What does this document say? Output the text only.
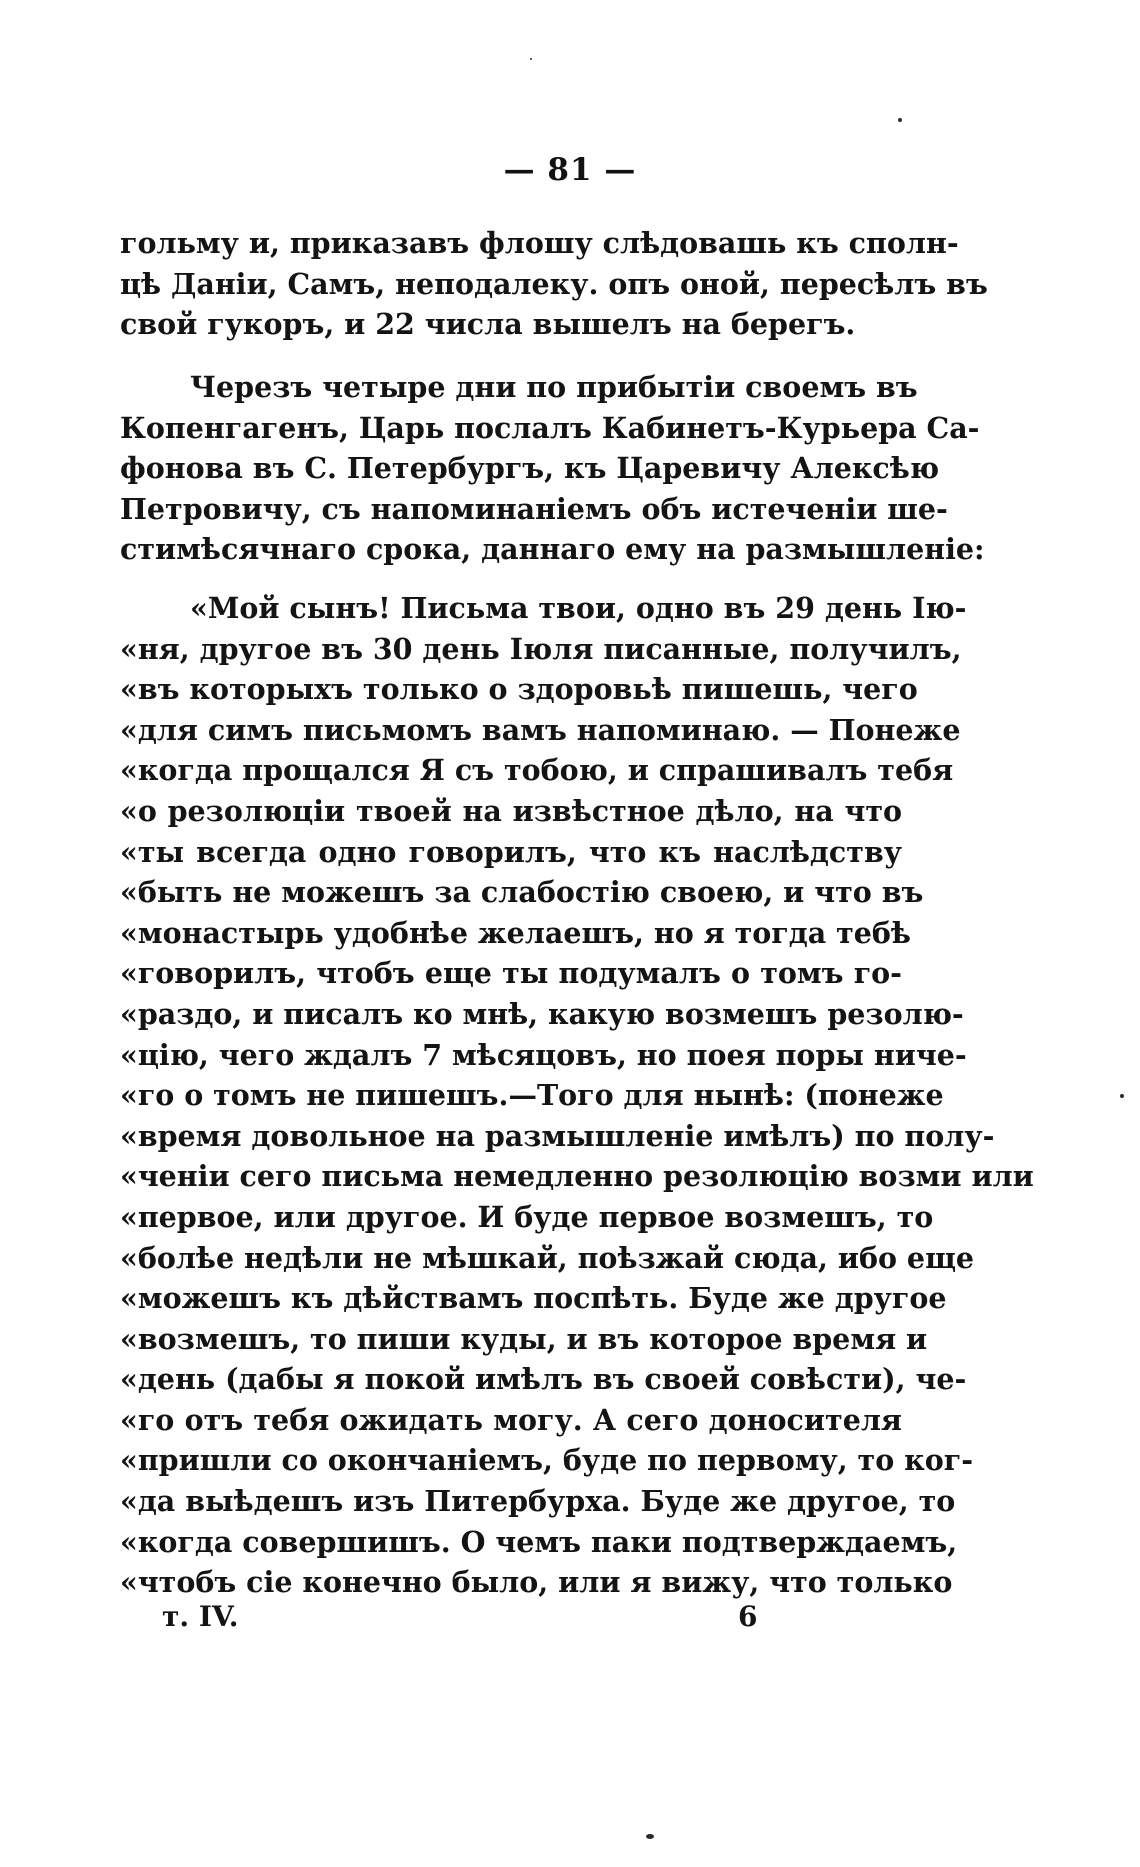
— 81 —
гольму и, приказавъ флошу слѣдовашь къ сполн-
цѣ Даніи, Самъ, неподалеку. опъ оной, пересѣлъ въ
свой гукоръ, и 22 числа вышелъ на берегъ.
Черезъ четыре дни по прибытіи своемъ въ
Копенгагенъ, Царь послалъ Кабинетъ-Курьера Са-
фонова въ С. Петербургъ, къ Царевичу Алексѣю
Петровичу, съ напоминаніемъ объ истеченіи ше-
стимѣсячнаго срока, даннаго ему на размышленіе:
«Мой сынъ! Письма твои, одно въ 29 день Ію-
«ня, другое въ 30 день Іюля писанные, получилъ,
«въ которыхъ только о здоровьѣ пишешь, чего
«для симъ письмомъ вамъ напоминаю. — Понеже
«когда прощался Я съ тобою, и спрашивалъ тебя
«о резолюціи твоей на извѣстное дѣло, на что
«ты всегда одно говорилъ, что къ наслѣдству
«быть не можешъ за слабостію своею, и что въ
«монастырь удобнѣе желаешъ, но я тогда тебѣ
«говорилъ, чтобъ еще ты подумалъ о томъ го-
«раздо, и писалъ ко мнѣ, какую возмешъ резолю-
«цію, чего ждалъ 7 мѣсяцовъ, но поея поры ниче-
«го о томъ не пишешъ.—Того для нынѣ: (понеже
«время довольное на размышленіе имѣлъ) по полу-
«ченіи сего письма немедленно резолюцію возми или
«первое, или другое. И буде первое возмешъ, то
«болѣе недѣли не мѣшкай, поѣзжай сюда, ибо еще
«можешъ къ дѣйствамъ поспѣть. Буде же другое
«возмешъ, то пиши куды, и въ которое время и
«день (дабы я покой имѣлъ въ своей совѣсти), че-
«го отъ тебя ожидать могу. А сего доносителя
«пришли со окончаніемъ, буде по первому, то ког-
«да выѣдешъ изъ Питербурха. Буде же другое, то
«когда совершишъ. О чемъ паки подтверждаемъ,
«чтобъ сіе конечно было, или я вижу, что только
т. IV.	6
